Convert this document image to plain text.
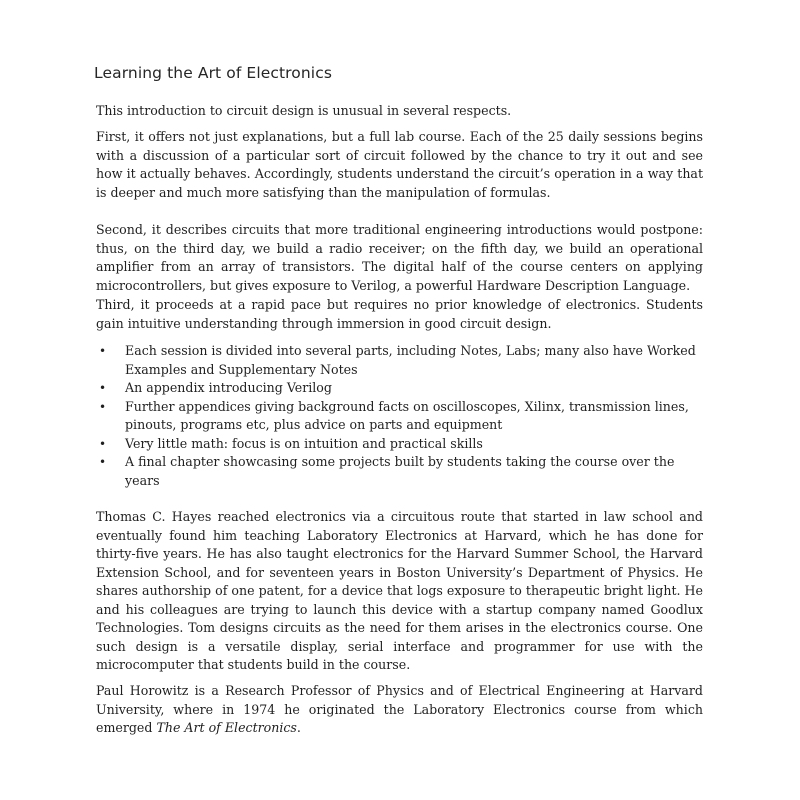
Learning the Art of Electronics

This introduction to circuit design is unusual in several respects.

First, it offers not just explanations, but a full lab course. Each of the 25 daily sessions begins with a discussion of a particular sort of circuit followed by the chance to try it out and see how it actually behaves. Accordingly, students understand the circuit’s operation in a way that is deeper and much more satisfying than the manipulation of formulas.

Second, it describes circuits that more traditional engineering introductions would postpone: thus, on the third day, we build a radio receiver; on the fifth day, we build an operational amplifier from an array of transistors. The digital half of the course centers on applying microcontrollers, but gives exposure to Verilog, a powerful Hardware Description Language.

Third, it proceeds at a rapid pace but requires no prior knowledge of electronics. Students gain intuitive understanding through immersion in good circuit design.

• Each session is divided into several parts, including Notes, Labs; many also have Worked Examples and Supplementary Notes
• An appendix introducing Verilog
• Further appendices giving background facts on oscilloscopes, Xilinx, transmission lines, pinouts, programs etc, plus advice on parts and equipment
• Very little math: focus is on intuition and practical skills
• A final chapter showcasing some projects built by students taking the course over the years

Thomas C. Hayes reached electronics via a circuitous route that started in law school and eventually found him teaching Laboratory Electronics at Harvard, which he has done for thirty-five years. He has also taught electronics for the Harvard Summer School, the Harvard Extension School, and for seventeen years in Boston University’s Department of Physics. He shares authorship of one patent, for a device that logs exposure to therapeutic bright light. He and his colleagues are trying to launch this device with a startup company named Goodlux Technologies. Tom designs circuits as the need for them arises in the electronics course. One such design is a versatile display, serial interface and programmer for use with the microcomputer that students build in the course.

Paul Horowitz is a Research Professor of Physics and of Electrical Engineering at Harvard University, where in 1974 he originated the Laboratory Electronics course from which emerged The Art of Electronics.
